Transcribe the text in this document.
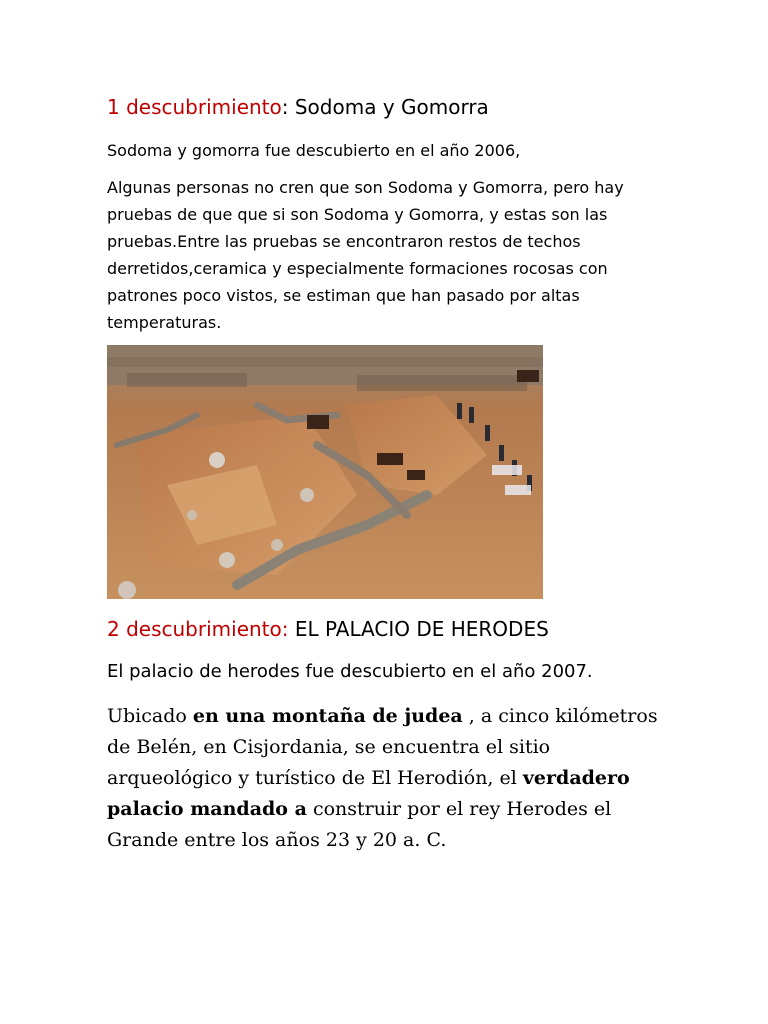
1 descubrimiento: Sodoma y Gomorra

Sodoma y gomorra fue descubierto en el año 2006,

Algunas personas no cren que son Sodoma y Gomorra, pero hay pruebas de que que si son Sodoma y Gomorra, y estas son las pruebas.Entre las pruebas se encontraron restos de techos derretidos,ceramica y especialmente formaciones rocosas con patrones poco vistos, se estiman que han pasado por altas temperaturas.

2 descubrimiento: EL PALACIO DE HERODES

El palacio de herodes fue descubierto en el año 2007.

Ubicado en una montaña de judea , a cinco kilómetros de Belén, en Cisjordania, se encuentra el sitio arqueológico y turístico de El Herodión, el verdadero palacio mandado a construir por el rey Herodes el Grande entre los años 23 y 20 a. C.
